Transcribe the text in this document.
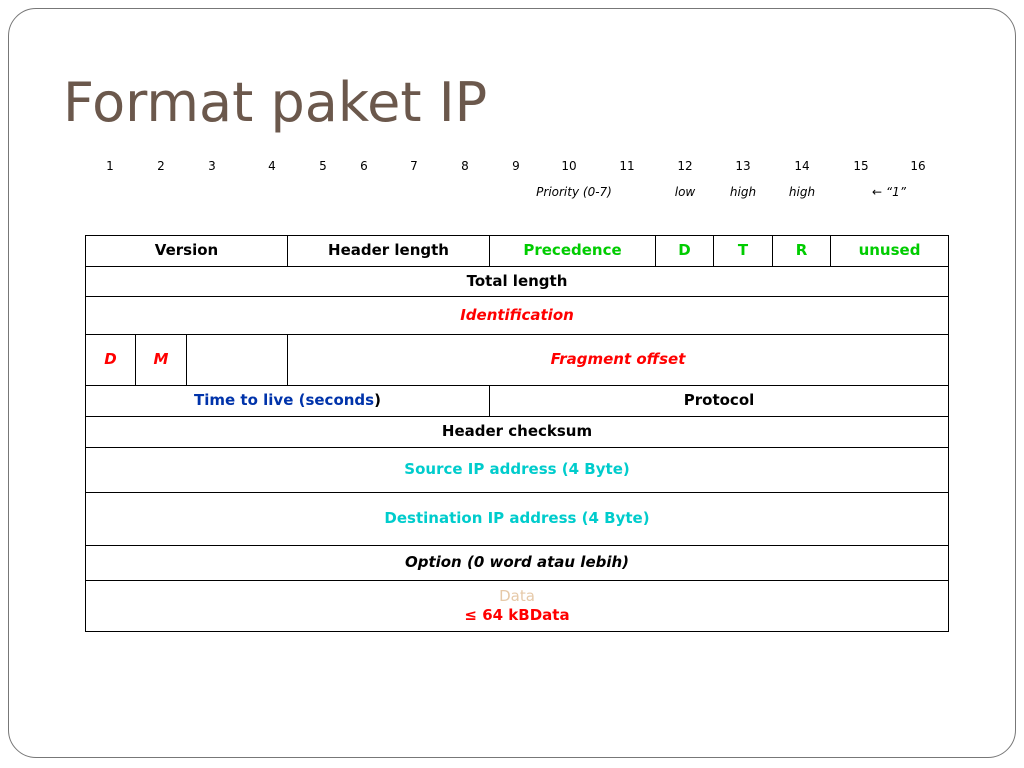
Format paket IP
1	2	3	4	5	6	7	8	9	10	11	12	13	14	15	16
Priority (0-7)	low	high	high	← “1”
Version			Header length	Precedence	D	T	R	unused
Total length								
Identification								
D	M		Fragment offset					
Time to live (seconds)				Protocol				
Header checksum								
Source IP address (4 Byte)								
Destination IP address (4 Byte)								
Option (0 word atau lebih)								

Data
≤ 64 kBData								
